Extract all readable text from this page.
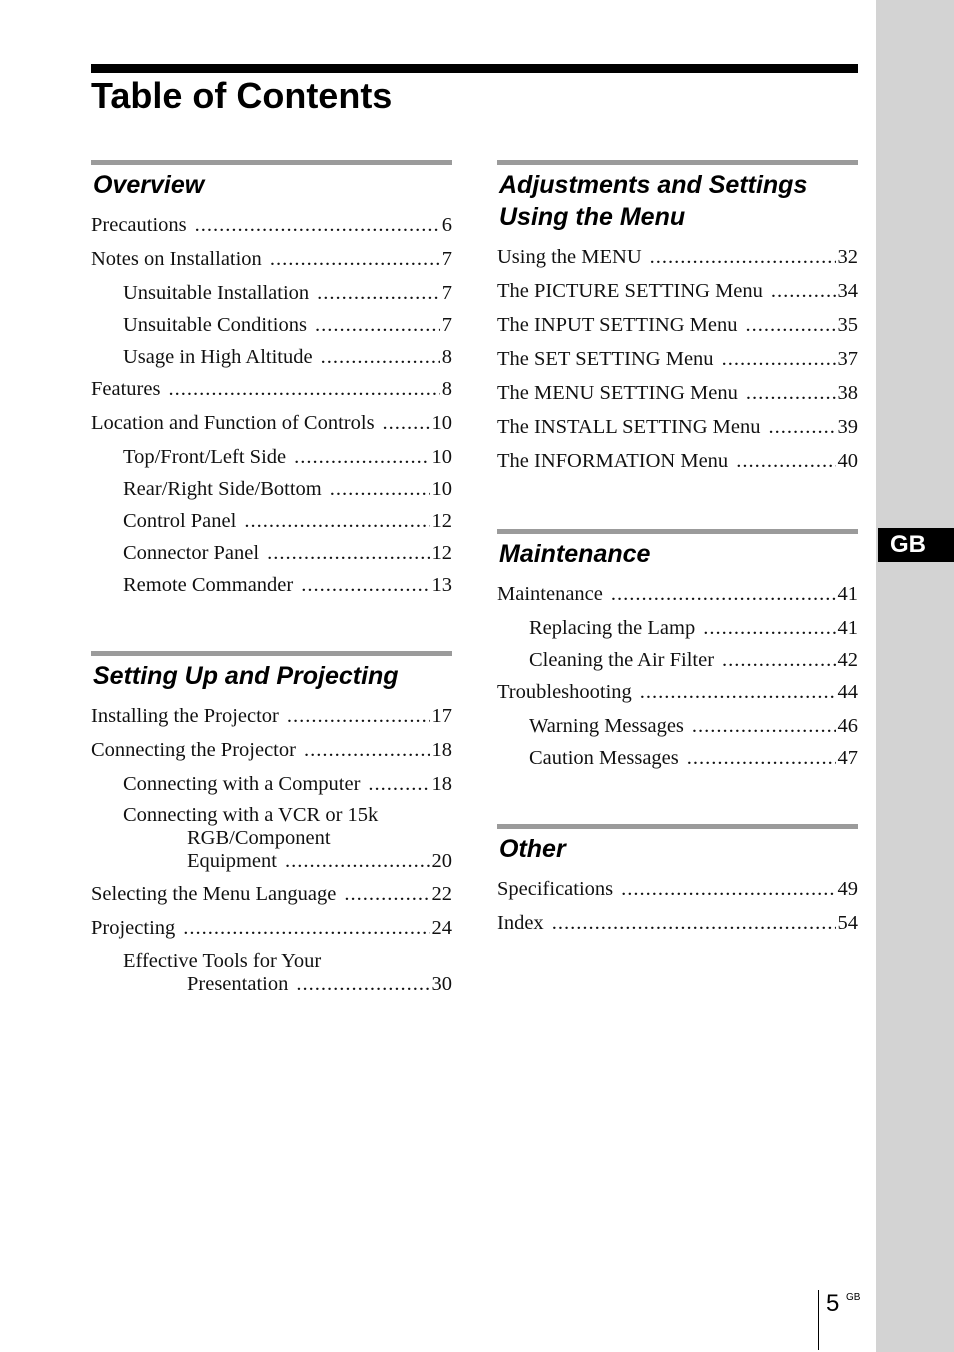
GB
Table of Contents
Overview
Precautions .....	6
Notes on Installation .....	7
Unsuitable Installation .....	7
Unsuitable Conditions .....	7
Usage in High Altitude .....	8
Features .....	8
Location and Function of Controls .....	10
Top/Front/Left Side .....	10
Rear/Right Side/Bottom .....	10
Control Panel .....	12
Connector Panel .....	12
Remote Commander .....	13
Setting Up and Projecting
Installing the Projector .....	17
Connecting the Projector .....	18
Connecting with a Computer .....	18
Connecting with a VCR or 15k
RGB/Component
Equipment .....	20
Selecting the Menu Language .....	22
Projecting .....	24
Effective Tools for Your
Presentation .....	30
Adjustments and Settings
Using the Menu
Using the MENU .....	32
The PICTURE SETTING Menu .....	34
The INPUT SETTING Menu .....	35
The SET SETTING Menu .....	37
The MENU SETTING Menu .....	38
The INSTALL SETTING Menu .....	39
The INFORMATION Menu .....	40
Maintenance
Maintenance .....	41
Replacing the Lamp .....	41
Cleaning the Air Filter .....	42
Troubleshooting .....	44
Warning Messages .....	46
Caution Messages .....	47
Other
Specifications .....	49
Index .....	54
5 GB
